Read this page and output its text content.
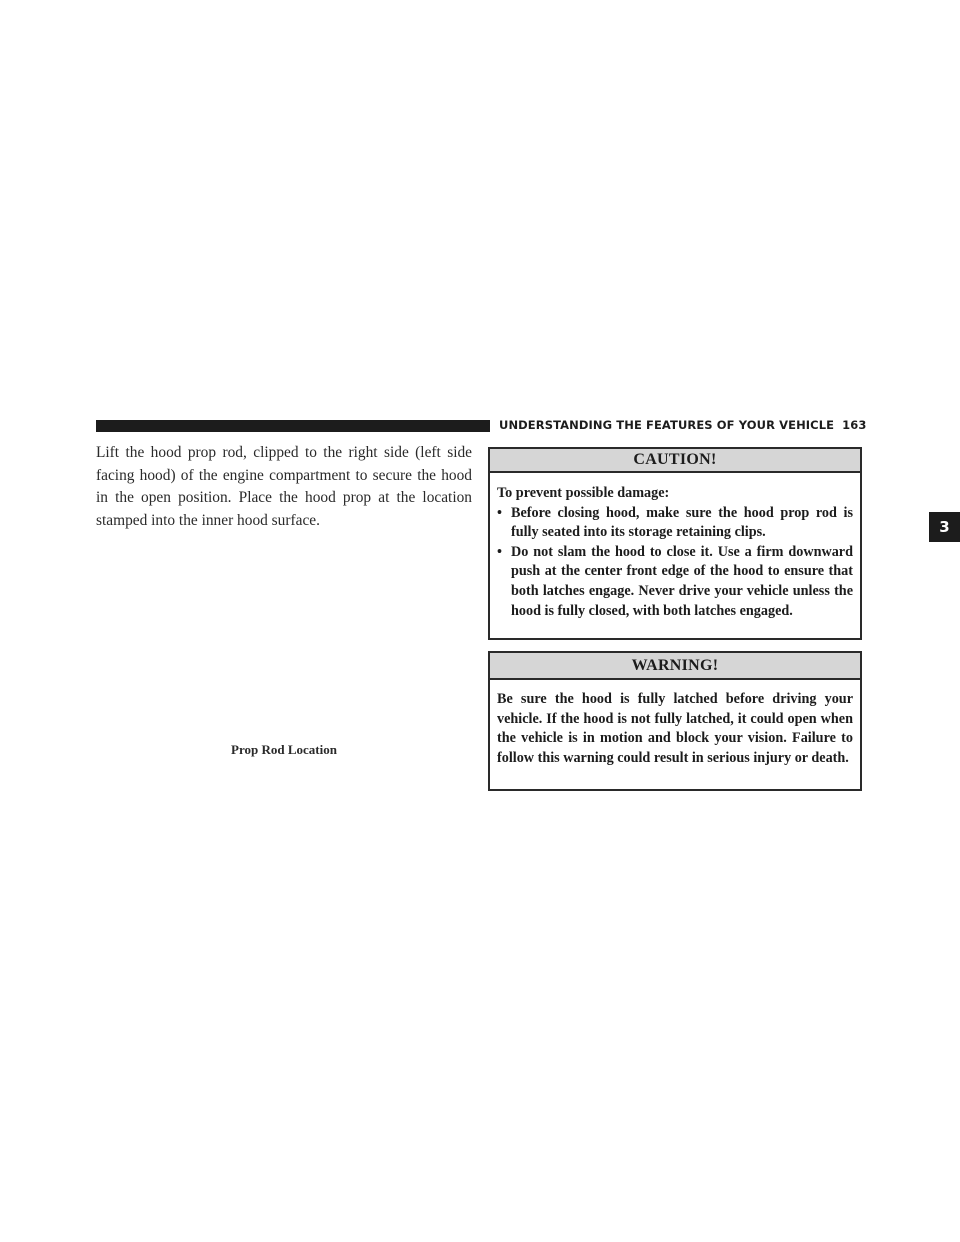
UNDERSTANDING THE FEATURES OF YOUR VEHICLE 163
3

Lift the hood prop rod, clipped to the right side (left side facing hood) of the engine compartment to secure the hood in the open position. Place the hood prop at the location stamped into the inner hood surface.

Prop Rod Location
CAUTION!

To prevent possible damage:

• Before closing hood, make sure the hood prop rod is fully seated into its storage retaining clips.
• Do not slam the hood to close it. Use a firm downward push at the center front edge of the hood to ensure that both latches engage. Never drive your vehicle unless the hood is fully closed, with both latches engaged.
WARNING!

Be sure the hood is fully latched before driving your vehicle. If the hood is not fully latched, it could open when the vehicle is in motion and block your vision. Failure to follow this warning could result in serious injury or death.
